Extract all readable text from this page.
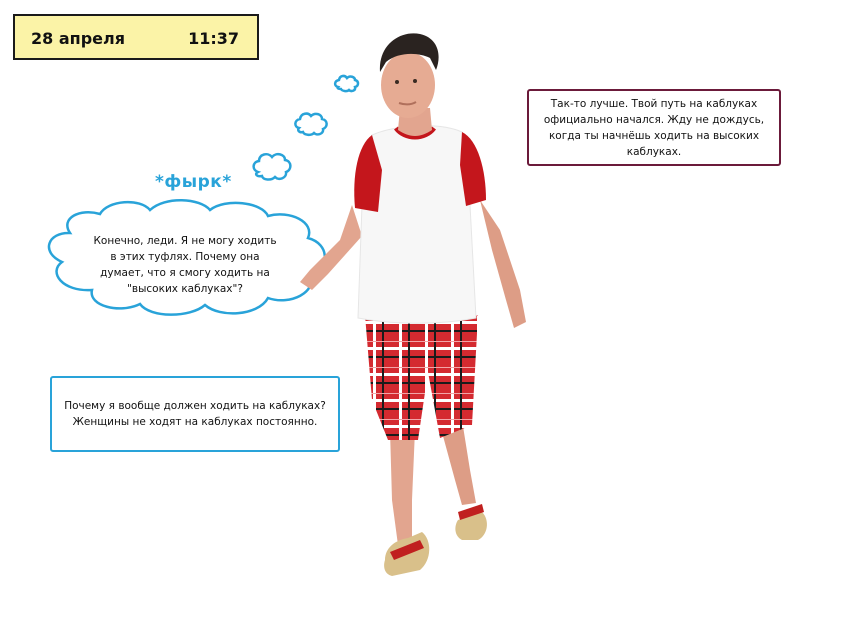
28 апреля	11:37
*фырк*
Конечно, леди. Я не могу ходить в этих туфлях. Почему она думает, что я смогу ходить на "высоких каблуках"?
Так-то лучше. Твой путь на каблуках официально начался. Жду не дождусь, когда ты начнёшь ходить на высоких каблуках.
Почему я вообще должен ходить на каблуках? Женщины не ходят на каблуках постоянно.
